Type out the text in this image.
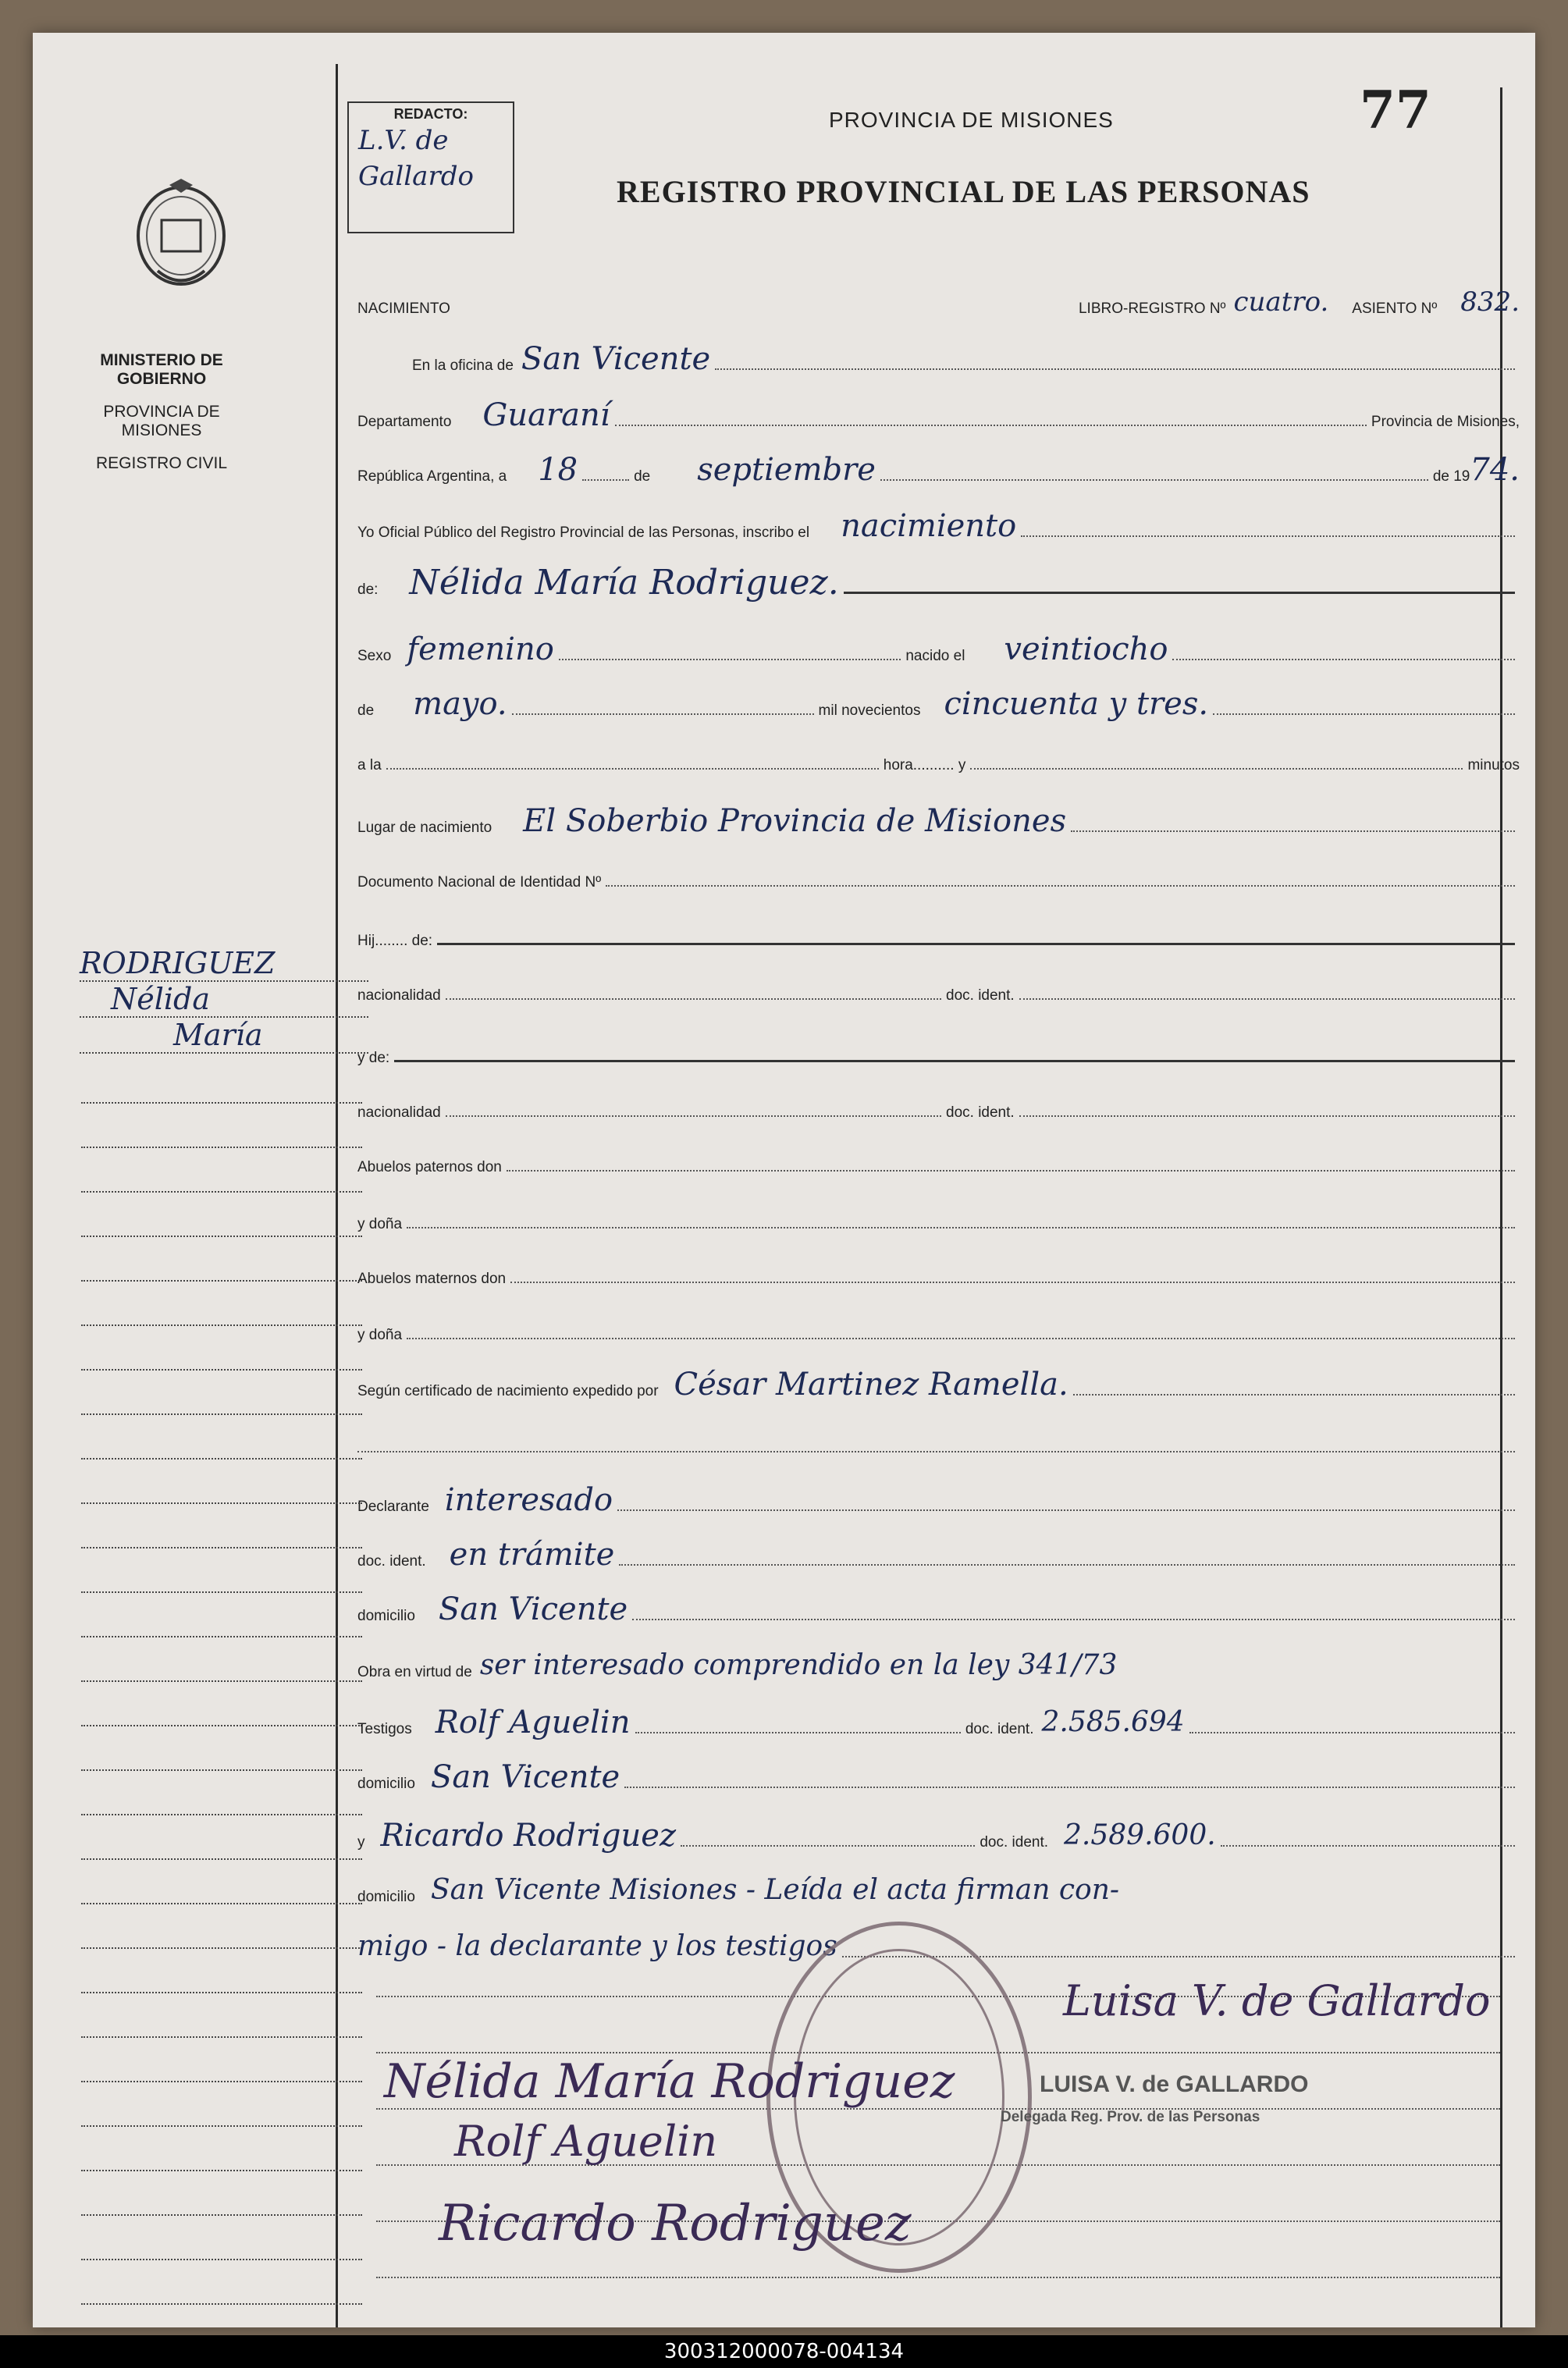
MINISTERIO DE GOBIERNO
PROVINCIA DE MISIONES
REGISTRO CIVIL
RODRIGUEZ
Nélida
María
REDACTO:
L.V. de
Gallardo
PROVINCIA DE MISIONES	77
REGISTRO PROVINCIAL DE LAS PERSONAS
NACIMIENTO	LIBRO-REGISTRO Nº cuatro. ASIENTO Nº 832.
En la oficina de San Vicente
Departamento Guaraní	Provincia de Misiones,
República Argentina, a 18	de septiembre	de 19 74.
Yo Oficial Público del Registro Provincial de las Personas, inscribo el nacimiento
de: Nélida María Rodriguez.
Sexo femenino	nacido el veintiocho
de mayo.	mil novecientos cincuenta y tres.
a la	hora.......... y	minutos
Lugar de nacimiento El Soberbio Provincia de Misiones
Documento Nacional de Identidad Nº
Hij........ de:
nacionalidad	doc. ident.
y de:
nacionalidad	doc. ident.
Abuelos paternos don
y doña
Abuelos maternos don
y doña
Según certificado de nacimiento expedido por César Martinez Ramella.
Declarante interesado
doc. ident. en trámite
domicilio San Vicente
Obra en virtud de ser interesado comprendido en la ley 341/73
Testigos Rolf Aguelin	doc. ident. 2.585.694
domicilio San Vicente
y Ricardo Rodriguez	doc. ident. 2.589.600.
domicilio San Vicente Misiones - Leída el acta firman con-
migo - la declarante y los testigos
Luisa V. de Gallardo
LUISA V. de GALLARDO
Delegada Reg. Prov. de las Personas
Nélida María Rodriguez
Rolf Aguelin
Ricardo Rodriguez
300312000078-004134
